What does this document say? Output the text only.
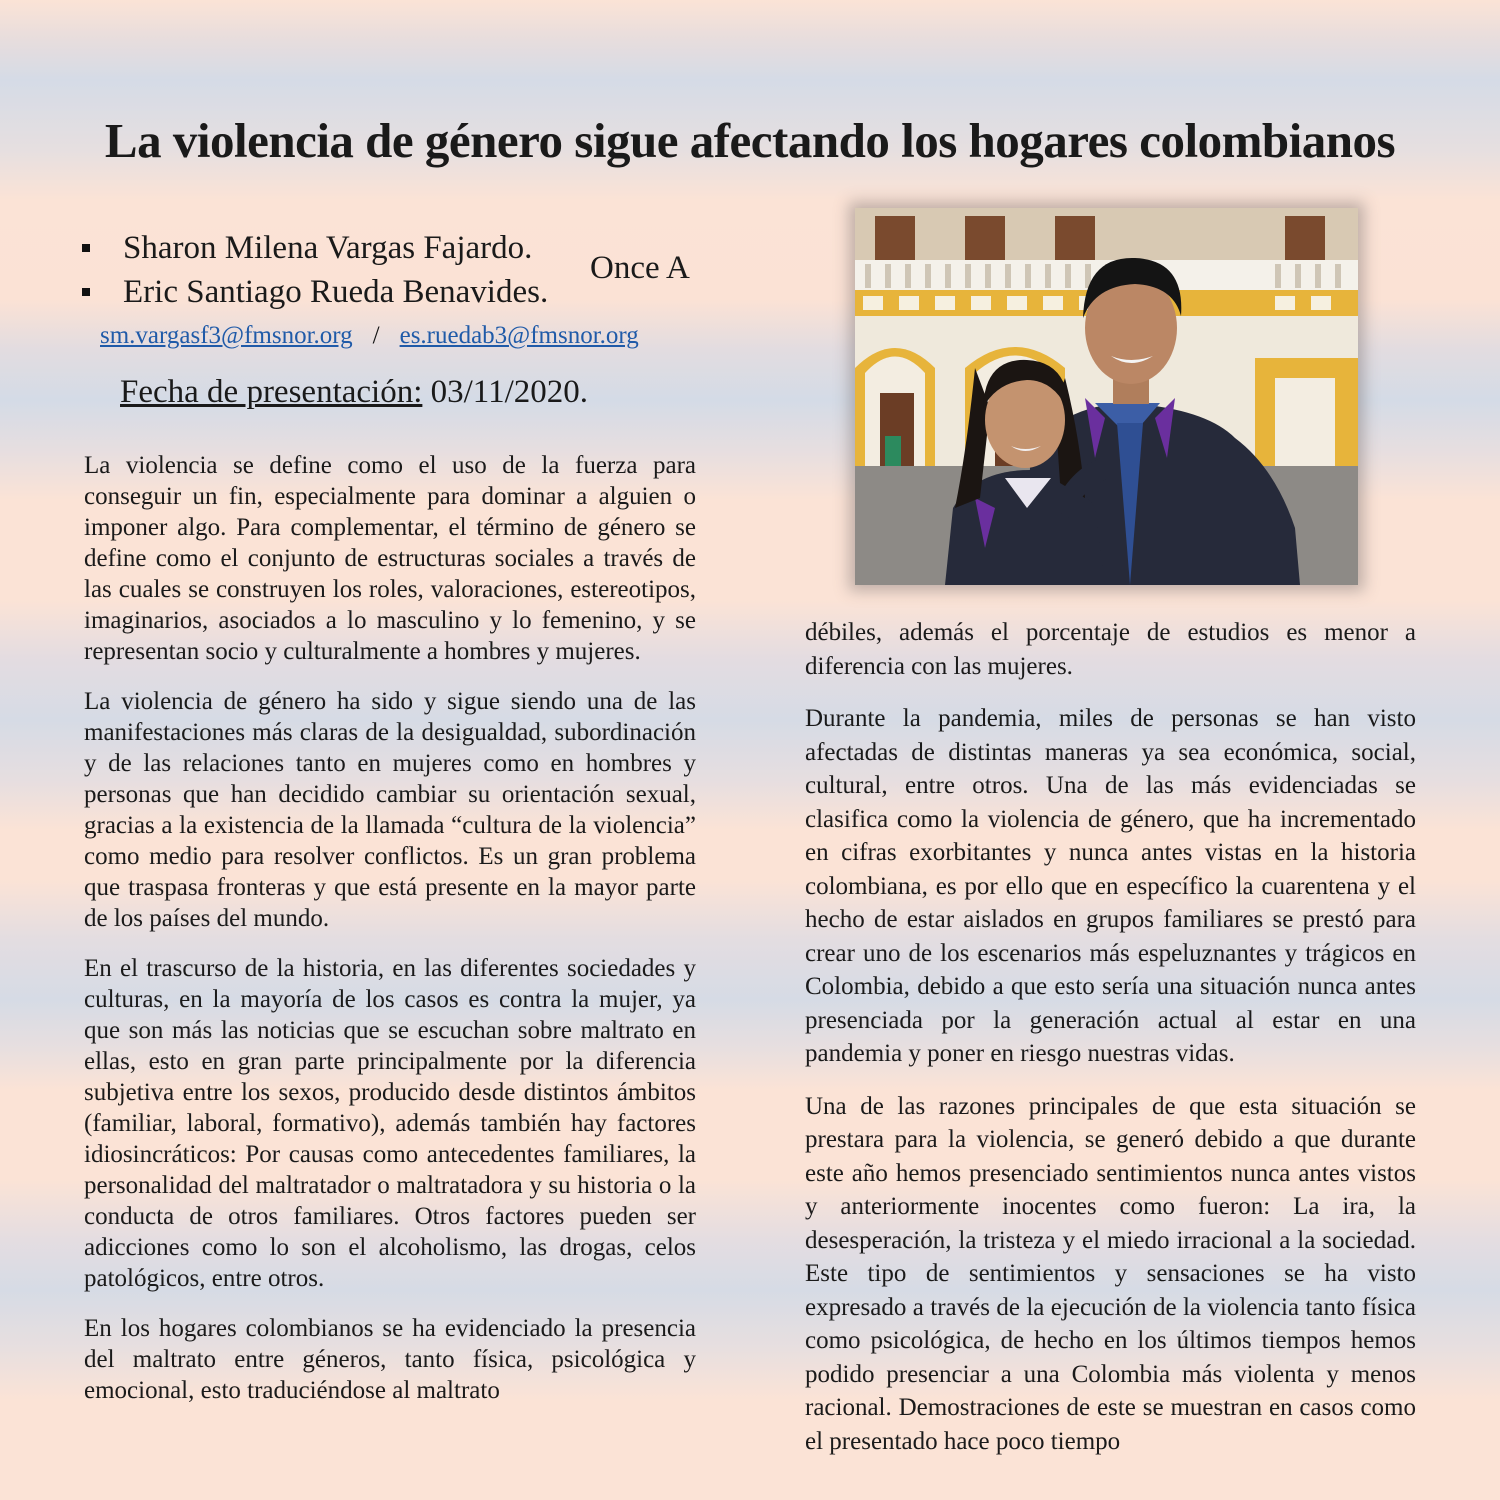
La violencia de género sigue afectando los hogares colombianos
Sharon Milena Vargas Fajardo.
Eric Santiago Rueda Benavides.
Once A
sm.vargasf3@fmsnor.org / es.ruedab3@fmsnor.org
Fecha de presentación: 03/11/2020.

La violencia se define como el uso de la fuerza para conseguir un fin, especialmente para dominar a alguien o imponer algo. Para complementar, el término de género se define como el conjunto de estructuras sociales a través de las cuales se construyen los roles, valoraciones, estereotipos, imaginarios, asociados a lo masculino y lo femenino, y se representan socio y culturalmente a hombres y mujeres.

La violencia de género ha sido y sigue siendo una de las manifestaciones más claras de la desigualdad, subordinación y de las relaciones tanto en mujeres como en hombres y personas que han decidido cambiar su orientación sexual, gracias a la existencia de la llamada “cultura de la violencia” como medio para resolver conflictos. Es un gran problema que traspasa fronteras y que está presente en la mayor parte de los países del mundo.

En el trascurso de la historia, en las diferentes sociedades y culturas, en la mayoría de los casos es contra la mujer, ya que son más las noticias que se escuchan sobre maltrato en ellas, esto en gran parte principalmente por la diferencia subjetiva entre los sexos, producido desde distintos ámbitos (familiar, laboral, formativo), además también hay factores idiosincráticos: Por causas como antecedentes familiares, la personalidad del maltratador o maltratadora y su historia o la conducta de otros familiares. Otros factores pueden ser adicciones como lo son el alcoholismo, las drogas, celos patológicos, entre otros.

En los hogares colombianos se ha evidenciado la presencia del maltrato entre géneros, tanto física, psicológica y emocional, esto traduciéndose al maltrato

débiles, además el porcentaje de estudios es menor a diferencia con las mujeres.

Durante la pandemia, miles de personas se han visto afectadas de distintas maneras ya sea económica, social, cultural, entre otros. Una de las más evidenciadas se clasifica como la violencia de género, que ha incrementado en cifras exorbitantes y nunca antes vistas en la historia colombiana, es por ello que en específico la cuarentena y el hecho de estar aislados en grupos familiares se prestó para crear uno de los escenarios más espeluznantes y trágicos en Colombia, debido a que esto sería una situación nunca antes presenciada por la generación actual al estar en una pandemia y poner en riesgo nuestras vidas.

Una de las razones principales de que esta situación se prestara para la violencia, se generó debido a que durante este año hemos presenciado sentimientos nunca antes vistos y anteriormente inocentes como fueron: La ira, la desesperación, la tristeza y el miedo irracional a la sociedad. Este tipo de sentimientos y sensaciones se ha visto expresado a través de la ejecución de la violencia tanto física como psicológica, de hecho en los últimos tiempos hemos podido presenciar a una Colombia más violenta y menos racional. Demostraciones de este se muestran en casos como el presentado hace poco tiempo
